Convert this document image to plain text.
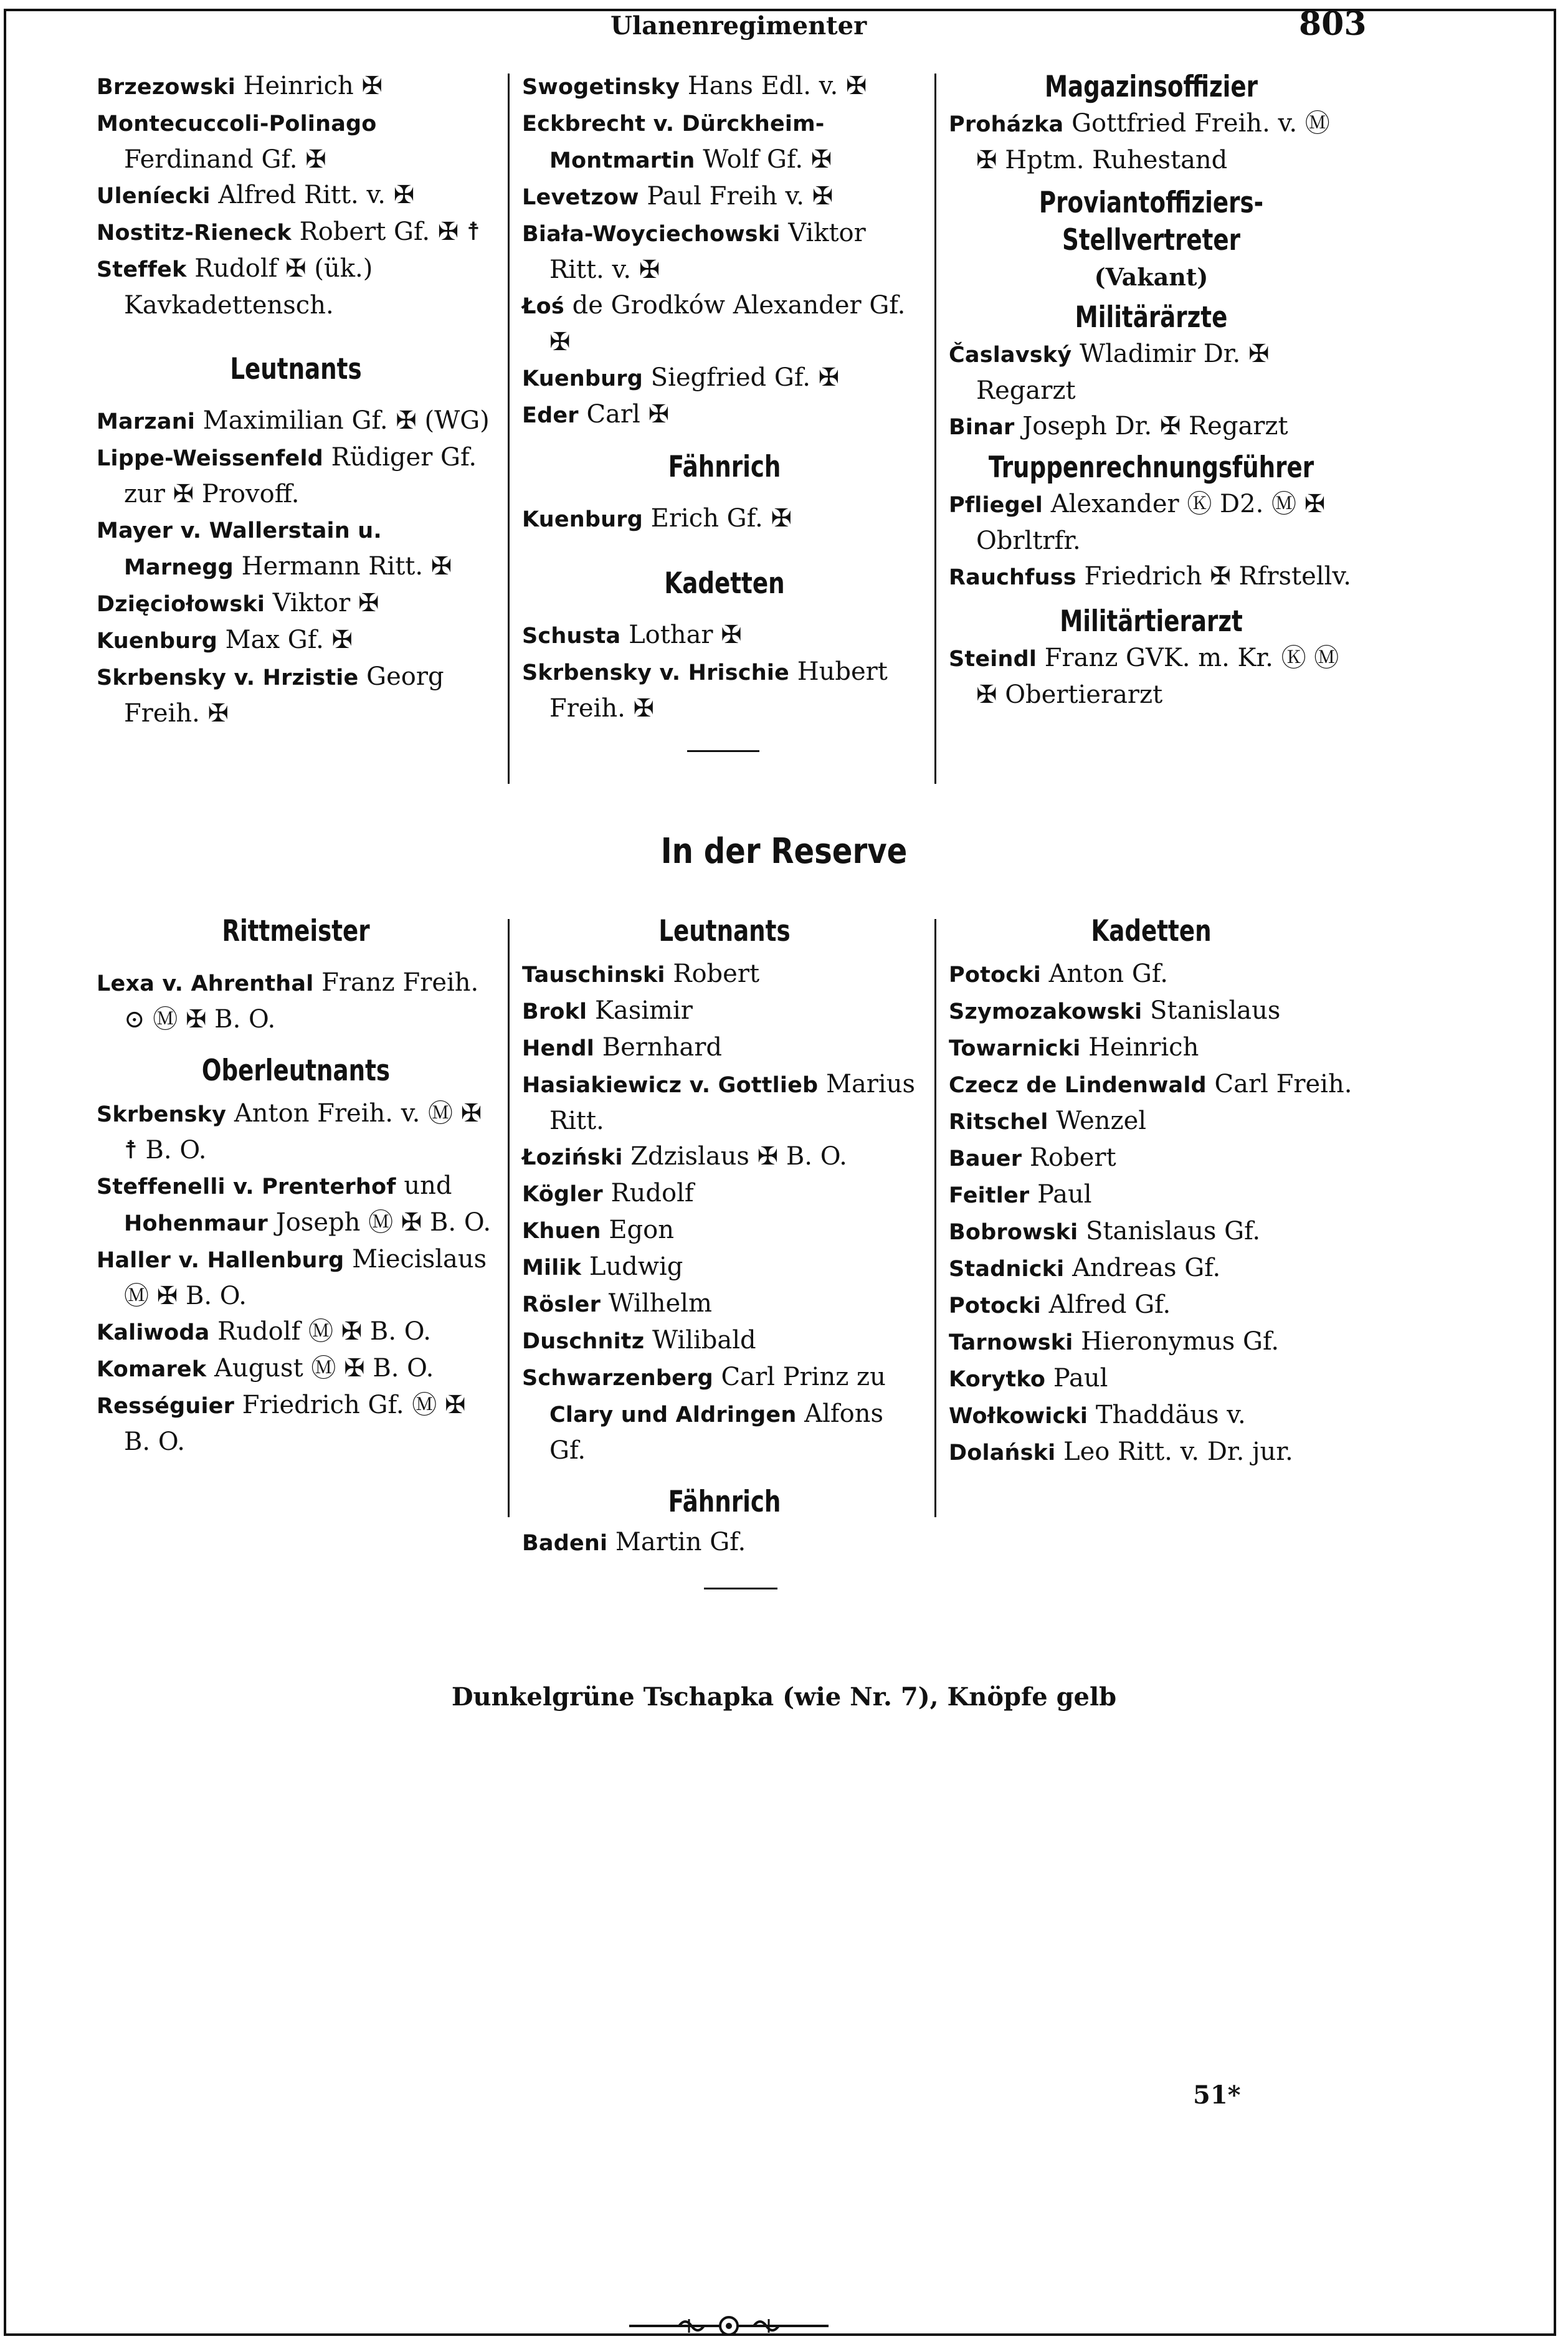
Ulanenregimenter	803

Brzezowski Heinrich ✠

Montecuccoli-Polinago Ferdinand Gf. ✠

Uleníecki Alfred Ritt. v. ✠

Nostitz-Rieneck Robert Gf. ✠ ☨

Steffek Rudolf ✠ (ük.) Kavkadettensch.

Leutnants

Marzani Maximilian Gf. ✠ (WG)

Lippe-Weissenfeld Rüdiger Gf. zur ✠ Provoff.

Mayer v. Wallerstain u. Marnegg Hermann Ritt. ✠

Dzięciołowski Viktor ✠

Kuenburg Max Gf. ✠

Skrbensky v. Hrzistie Georg Freih. ✠

Swogetinsky Hans Edl. v. ✠

Eckbrecht v. Dürckheim-Montmartin Wolf Gf. ✠

Levetzow Paul Freih v. ✠

Biała-Woyciechowski Viktor Ritt. v. ✠

Łoś de Grodków Alexander Gf. ✠

Kuenburg Siegfried Gf. ✠

Eder Carl ✠

Fähnrich

Kuenburg Erich Gf. ✠

Kadetten

Schusta Lothar ✠

Skrbensky v. Hrischie Hubert Freih. ✠

Magazinsoffizier

Proházka Gottfried Freih. v. Ⓜ ✠ Hptm. Ruhestand

Proviantoffiziers-Stellvertreter

(Vakant)

Militärärzte

Časlavský Wladimir Dr. ✠ Regarzt

Binar Joseph Dr. ✠ Regarzt

Truppenrechnungsführer

Pfliegel Alexander Ⓚ D2. Ⓜ ✠ Obrltrfr.

Rauchfuss Friedrich ✠ Rfrstellv.

Militärtierarzt

Steindl Franz GVK. m. Kr. Ⓚ Ⓜ ✠ Obertierarzt

In der Reserve

Rittmeister

Lexa v. Ahrenthal Franz Freih. ⊙ Ⓜ ✠ B. O.

Oberleutnants

Skrbensky Anton Freih. v. Ⓜ ✠ ☨ B. O.

Steffenelli v. Prenterhof und Hohenmaur Joseph Ⓜ ✠ B. O.

Haller v. Hallenburg Miecislaus Ⓜ ✠ B. O.

Kaliwoda Rudolf Ⓜ ✠ B. O.

Komarek August Ⓜ ✠ B. O.

Rességuier Friedrich Gf. Ⓜ ✠ B. O.

Leutnants

Tauschinski Robert

Brokl Kasimir

Hendl Bernhard

Hasiakiewicz v. Gottlieb Marius Ritt.

Łoziński Zdzislaus ✠ B. O.

Kögler Rudolf

Khuen Egon

Milik Ludwig

Rösler Wilhelm

Duschnitz Wilibald

Schwarzenberg Carl Prinz zu Clary und Aldringen Alfons Gf.

Fähnrich

Badeni Martin Gf.

Kadetten

Potocki Anton Gf.

Szymozakowski Stanislaus

Towarnicki Heinrich

Czecz de Lindenwald Carl Freih.

Ritschel Wenzel

Bauer Robert

Feitler Paul

Bobrowski Stanislaus Gf.

Stadnicki Andreas Gf.

Potocki Alfred Gf.

Tarnowski Hieronymus Gf.

Korytko Paul

Wołkowicki Thaddäus v.

Dolański Leo Ritt. v. Dr. jur.

Dunkelgrüne Tschapka (wie Nr. 7), Knöpfe gelb
51*
